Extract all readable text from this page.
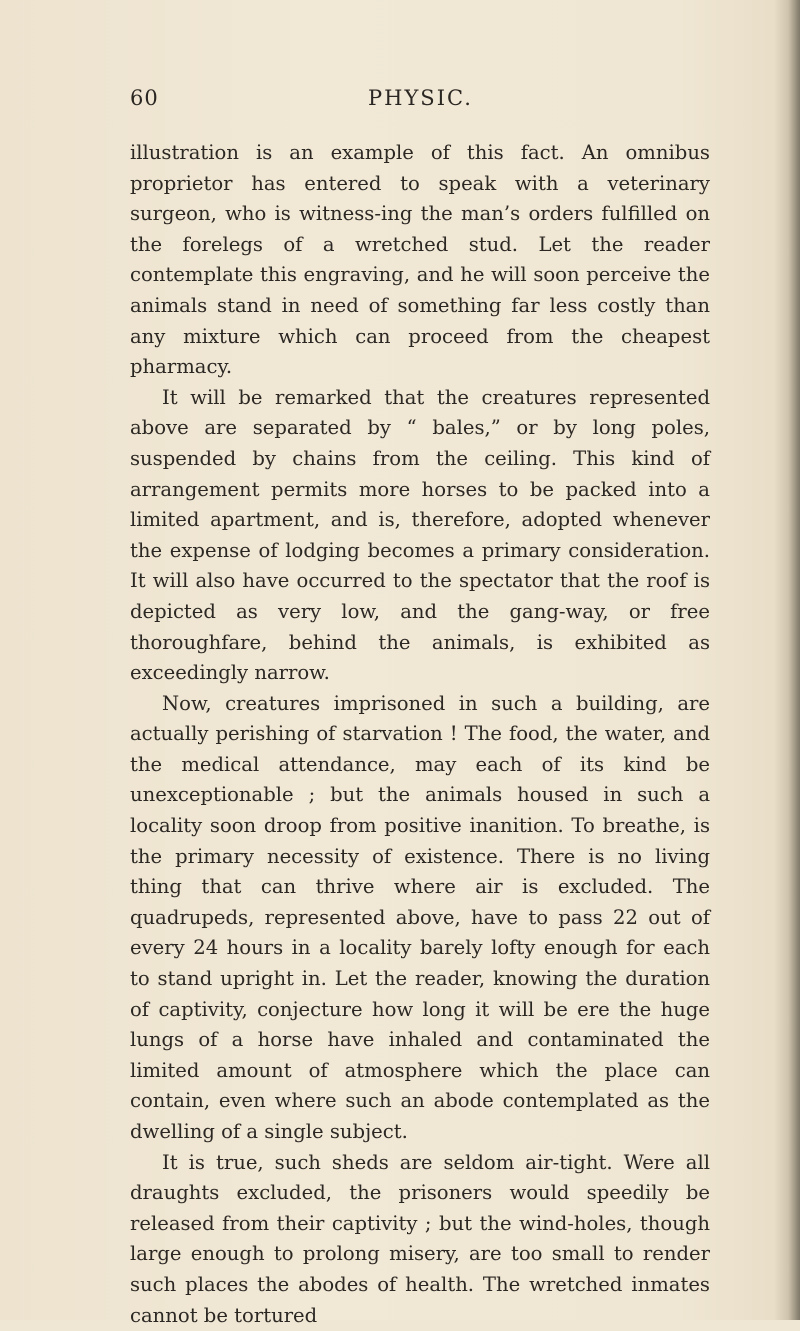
60	PHYSIC.

illustration is an example of this fact. An omnibus proprietor has entered to speak with a veterinary surgeon, who is witness-ing the man’s orders fulfilled on the forelegs of a wretched stud. Let the reader contemplate this engraving, and he will soon perceive the animals stand in need of something far less costly than any mixture which can proceed from the cheapest pharmacy.

It will be remarked that the creatures represented above are separated by “ bales,” or by long poles, suspended by chains from the ceiling. This kind of arrangement permits more horses to be packed into a limited apartment, and is, therefore, adopted whenever the expense of lodging becomes a primary consideration. It will also have occurred to the spectator that the roof is depicted as very low, and the gang-way, or free thoroughfare, behind the animals, is exhibited as exceedingly narrow.

Now, creatures imprisoned in such a building, are actually perishing of starvation ! The food, the water, and the medical attendance, may each of its kind be unexceptionable ; but the animals housed in such a locality soon droop from positive inanition. To breathe, is the primary necessity of existence. There is no living thing that can thrive where air is excluded. The quadrupeds, represented above, have to pass 22 out of every 24 hours in a locality barely lofty enough for each to stand upright in. Let the reader, knowing the duration of captivity, conjecture how long it will be ere the huge lungs of a horse have inhaled and contaminated the limited amount of atmosphere which the place can contain, even where such an abode contemplated as the dwelling of a single subject.

It is true, such sheds are seldom air-tight. Were all draughts excluded, the prisoners would speedily be released from their captivity ; but the wind-holes, though large enough to prolong misery, are too small to render such places the abodes of health. The wretched inmates cannot be tortured
